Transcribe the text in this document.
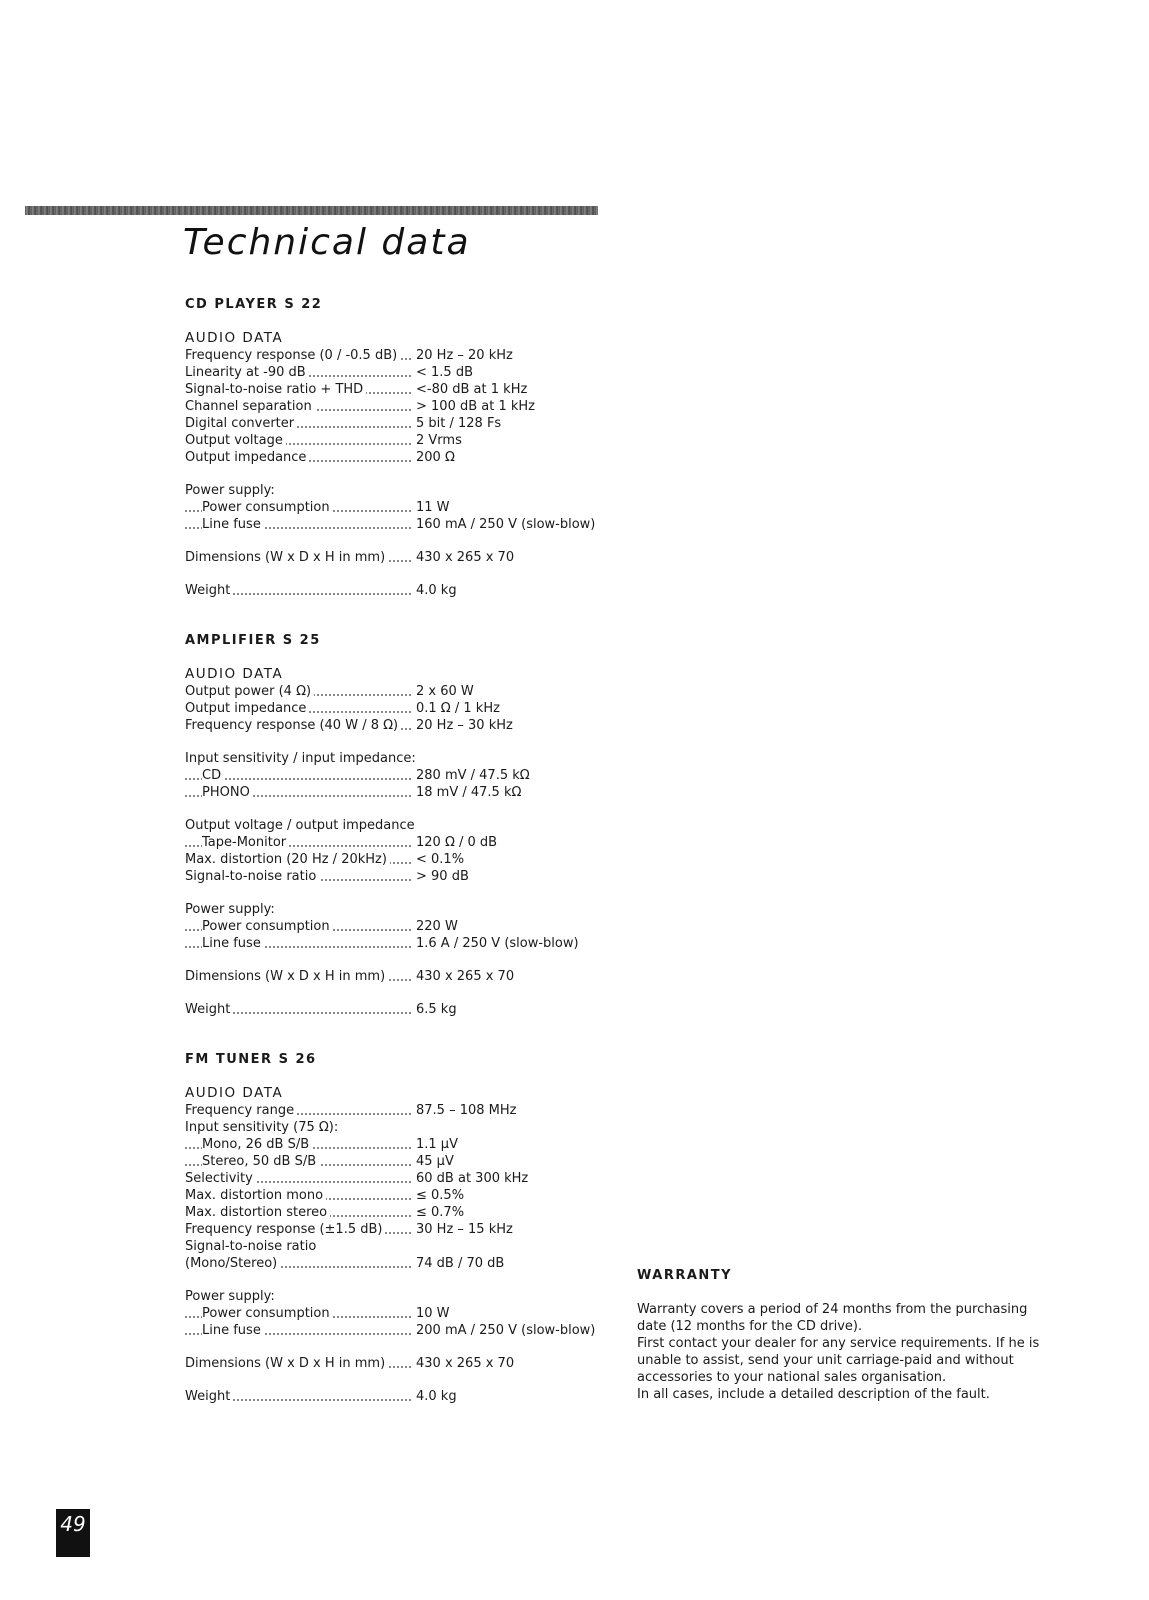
Technical data
CD PLAYER S 22
AUDIO DATA
Frequency response (0 / -0.5 dB) 20 Hz – 20 kHz
Linearity at -90 dB	< 1.5 dB
Signal-to-noise ratio + THD	<-80 dB at 1 kHz
Channel separation	> 100 dB at 1 kHz
Digital converter	5 bit / 128 Fs
Output voltage	2 Vrms
Output impedance	200 Ω
Power supply:
Power consumption	11 W
Line fuse	160 mA / 250 V (slow-blow)
Dimensions (W x D x H in mm) 430 x 265 x 70
Weight	4.0 kg
AMPLIFIER S 25
AUDIO DATA
Output power (4 Ω)	2 x 60 W
Output impedance	0.1 Ω / 1 kHz
Frequency response (40 W / 8 Ω) 20 Hz – 30 kHz
Input sensitivity / input impedance:
CD	280 mV / 47.5 kΩ
PHONO	18 mV / 47.5 kΩ
Output voltage / output impedance
Tape-Monitor	120 Ω / 0 dB
Max. distortion (20 Hz / 20kHz) < 0.1%
Signal-to-noise ratio	> 90 dB
Power supply:
Power consumption	220 W
Line fuse	1.6 A / 250 V (slow-blow)
Dimensions (W x D x H in mm) 430 x 265 x 70
Weight	6.5 kg
FM TUNER S 26
AUDIO DATA
Frequency range	87.5 – 108 MHz
Input sensitivity (75 Ω):
Mono, 26 dB S/B	1.1 µV
Stereo, 50 dB S/B	45 µV
Selectivity	60 dB at 300 kHz
Max. distortion mono	≤ 0.5%
Max. distortion stereo	≤ 0.7%
Frequency response (±1.5 dB)	30 Hz – 15 kHz
Signal-to-noise ratio
(Mono/Stereo)	74 dB / 70 dB
Power supply:
Power consumption	10 W
Line fuse	200 mA / 250 V (slow-blow)
Dimensions (W x D x H in mm) 430 x 265 x 70
Weight	4.0 kg
WARRANTY

Warranty covers a period of 24 months from the purchasing date (12 months for the CD drive).

First contact your dealer for any service requirements. If he is unable to assist, send your unit carriage-paid and without accessories to your national sales organisation.

In all cases, include a detailed description of the fault.

49
